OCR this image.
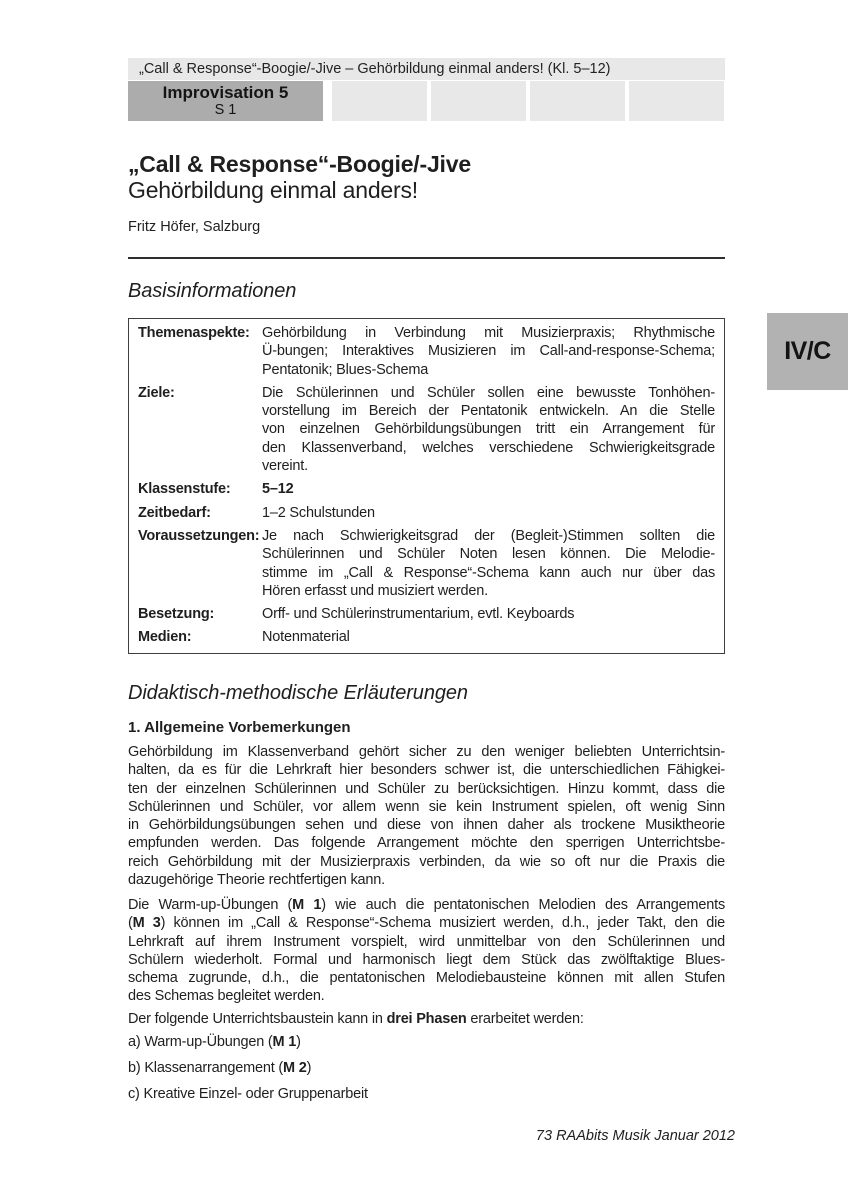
„Call & Response“-Boogie/-Jive – Gehörbildung einmal anders! (Kl. 5–12)
Improvisation 5
S 1
„Call & Response“-Boogie/-Jive
Gehörbildung einmal anders!
Fritz Höfer, Salzburg
Basisinformationen
IV/C
Themenaspekte: Gehörbildung in Verbindung mit Musizierpraxis; Rhythmische
Ü-bungen; Interaktives Musizieren im Call-and-response-Schema;
Pentatonik; Blues-Schema
Ziele:	Die Schülerinnen und Schüler sollen eine bewusste Tonhöhen-
vorstellung im Bereich der Pentatonik entwickeln. An die Stelle
von einzelnen Gehörbildungsübungen tritt ein Arrangement für
den Klassenverband, welches verschiedene Schwierigkeitsgrade
vereint.
Klassenstufe:	5–12
Zeitbedarf:	1–2 Schulstunden
Voraussetzungen: Je nach Schwierigkeitsgrad der (Begleit-)Stimmen sollten die
Schülerinnen und Schüler Noten lesen können. Die Melodie-
stimme im „Call & Response“-Schema kann auch nur über das
Hören erfasst und musiziert werden.
Besetzung:	Orff- und Schülerinstrumentarium, evtl. Keyboards
Medien:	Notenmaterial
Didaktisch-methodische Erläuterungen
1. Allgemeine Vorbemerkungen
Gehörbildung im Klassenverband gehört sicher zu den weniger beliebten Unterrichtsin-
halten, da es für die Lehrkraft hier besonders schwer ist, die unterschiedlichen Fähigkei-
ten der einzelnen Schülerinnen und Schüler zu berücksichtigen. Hinzu kommt, dass die
Schülerinnen und Schüler, vor allem wenn sie kein Instrument spielen, oft wenig Sinn
in Gehörbildungsübungen sehen und diese von ihnen daher als trockene Musiktheorie
empfunden werden. Das folgende Arrangement möchte den sperrigen Unterrichtsbe-
reich Gehörbildung mit der Musizierpraxis verbinden, da wie so oft nur die Praxis die
dazugehörige Theorie rechtfertigen kann.
Die Warm-up-Übungen (M 1) wie auch die pentatonischen Melodien des Arrangements
(M 3) können im „Call & Response“-Schema musiziert werden, d.h., jeder Takt, den die
Lehrkraft auf ihrem Instrument vorspielt, wird unmittelbar von den Schülerinnen und
Schülern wiederholt. Formal und harmonisch liegt dem Stück das zwölftaktige Blues-
schema zugrunde, d.h., die pentatonischen Melodiebausteine können mit allen Stufen
des Schemas begleitet werden.
Der folgende Unterrichtsbaustein kann in drei Phasen erarbeitet werden:
a) Warm-up-Übungen (M 1)
b) Klassenarrangement (M 2)
c) Kreative Einzel- oder Gruppenarbeit
73 RAAbits Musik Januar 2012
